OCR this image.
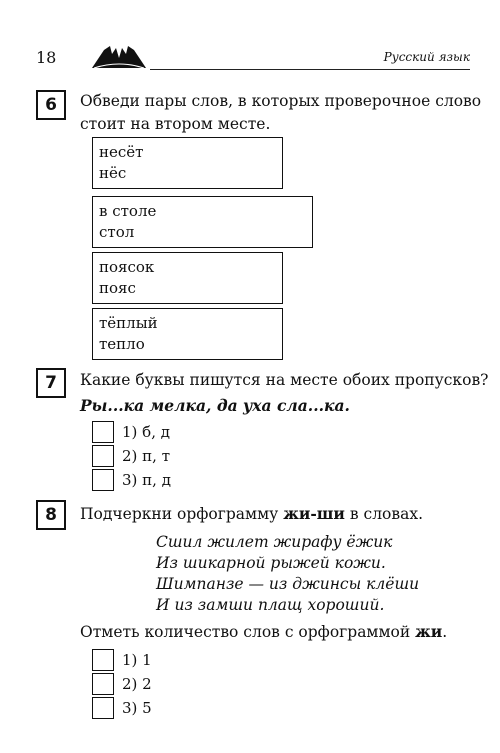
18	Русский язык
6	Обведи пары слов, в которых проверочное слово
стоит на втором месте.
несёт
нёс
в столе
стол
поясок
пояс
тёплый
тепло
7	Какие буквы пишутся на месте обоих пропусков?
Ры...ка мелка, да уха сла...ка.
1) б, д
2) п, т
3) п, д
8	Подчеркни орфограмму жи-ши в словах.
Сшил жилет жирафу ёжик
Из шикарной рыжей кожи.
Шимпанзе — из джинсы клёши
И из замши плащ хороший.
Отметь количество слов с орфограммой жи.
1) 1
2) 2
3) 5
